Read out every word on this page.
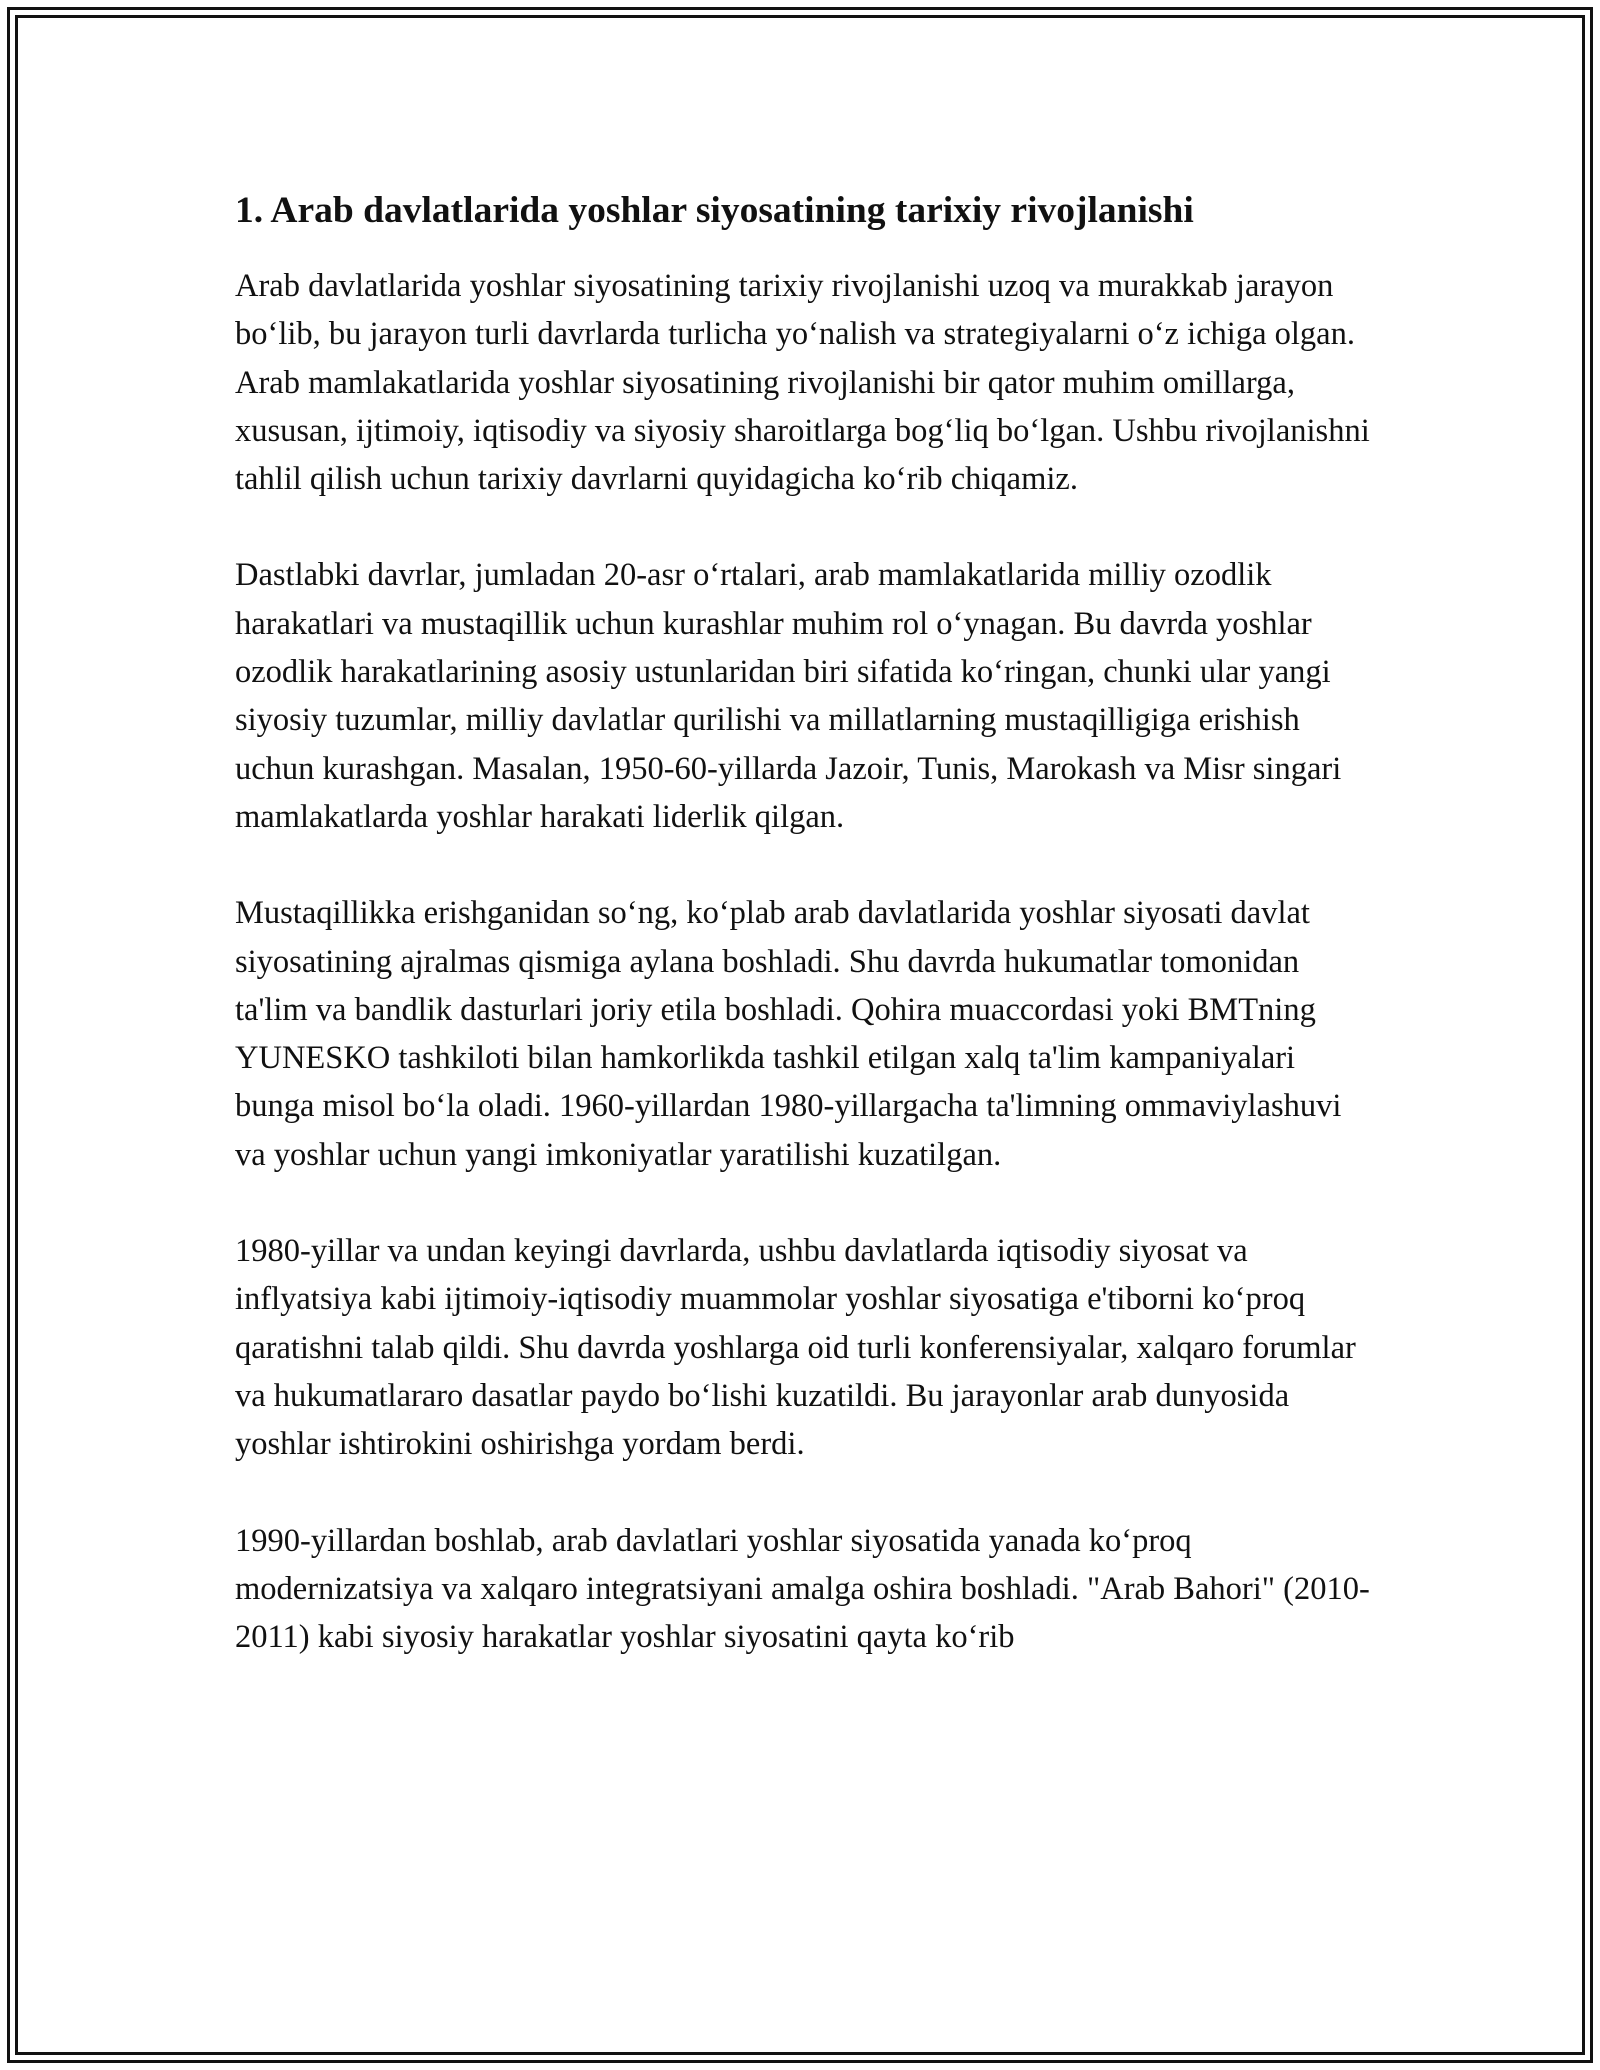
1. Arab davlatlarida yoshlar siyosatining tarixiy rivojlanishi

Arab davlatlarida yoshlar siyosatining tarixiy rivojlanishi uzoq va murakkab jarayon bo‘lib, bu jarayon turli davrlarda turlicha yo‘nalish va strategiyalarni o‘z ichiga olgan. Arab mamlakatlarida yoshlar siyosatining rivojlanishi bir qator muhim omillarga, xususan, ijtimoiy, iqtisodiy va siyosiy sharoitlarga bog‘liq bo‘lgan. Ushbu rivojlanishni tahlil qilish uchun tarixiy davrlarni quyidagicha ko‘rib chiqamiz.

Dastlabki davrlar, jumladan 20-asr o‘rtalari, arab mamlakatlarida milliy ozodlik harakatlari va mustaqillik uchun kurashlar muhim rol o‘ynagan. Bu davrda yoshlar ozodlik harakatlarining asosiy ustunlaridan biri sifatida ko‘ringan, chunki ular yangi siyosiy tuzumlar, milliy davlatlar qurilishi va millatlarning mustaqilligiga erishish uchun kurashgan. Masalan, 1950-60-yillarda Jazoir, Tunis, Marokash va Misr singari mamlakatlarda yoshlar harakati liderlik qilgan.

Mustaqillikka erishganidan so‘ng, ko‘plab arab davlatlarida yoshlar siyosati davlat siyosatining ajralmas qismiga aylana boshladi. Shu davrda hukumatlar tomonidan ta'lim va bandlik dasturlari joriy etila boshladi. Qohira muaccordasi yoki BMTning YUNESKO tashkiloti bilan hamkorlikda tashkil etilgan xalq ta'lim kampaniyalari bunga misol bo‘la oladi. 1960-yillardan 1980-yillargacha ta'limning ommaviylashuvi va yoshlar uchun yangi imkoniyatlar yaratilishi kuzatilgan.

1980-yillar va undan keyingi davrlarda, ushbu davlatlarda iqtisodiy siyosat va inflyatsiya kabi ijtimoiy-iqtisodiy muammolar yoshlar siyosatiga e'tiborni ko‘proq qaratishni talab qildi. Shu davrda yoshlarga oid turli konferensiyalar, xalqaro forumlar va hukumatlararo dasatlar paydo bo‘lishi kuzatildi. Bu jarayonlar arab dunyosida yoshlar ishtirokini oshirishga yordam berdi.

1990-yillardan boshlab, arab davlatlari yoshlar siyosatida yanada ko‘proq modernizatsiya va xalqaro integratsiyani amalga oshira boshladi. "Arab Bahori" (2010-2011) kabi siyosiy harakatlar yoshlar siyosatini qayta ko‘rib
